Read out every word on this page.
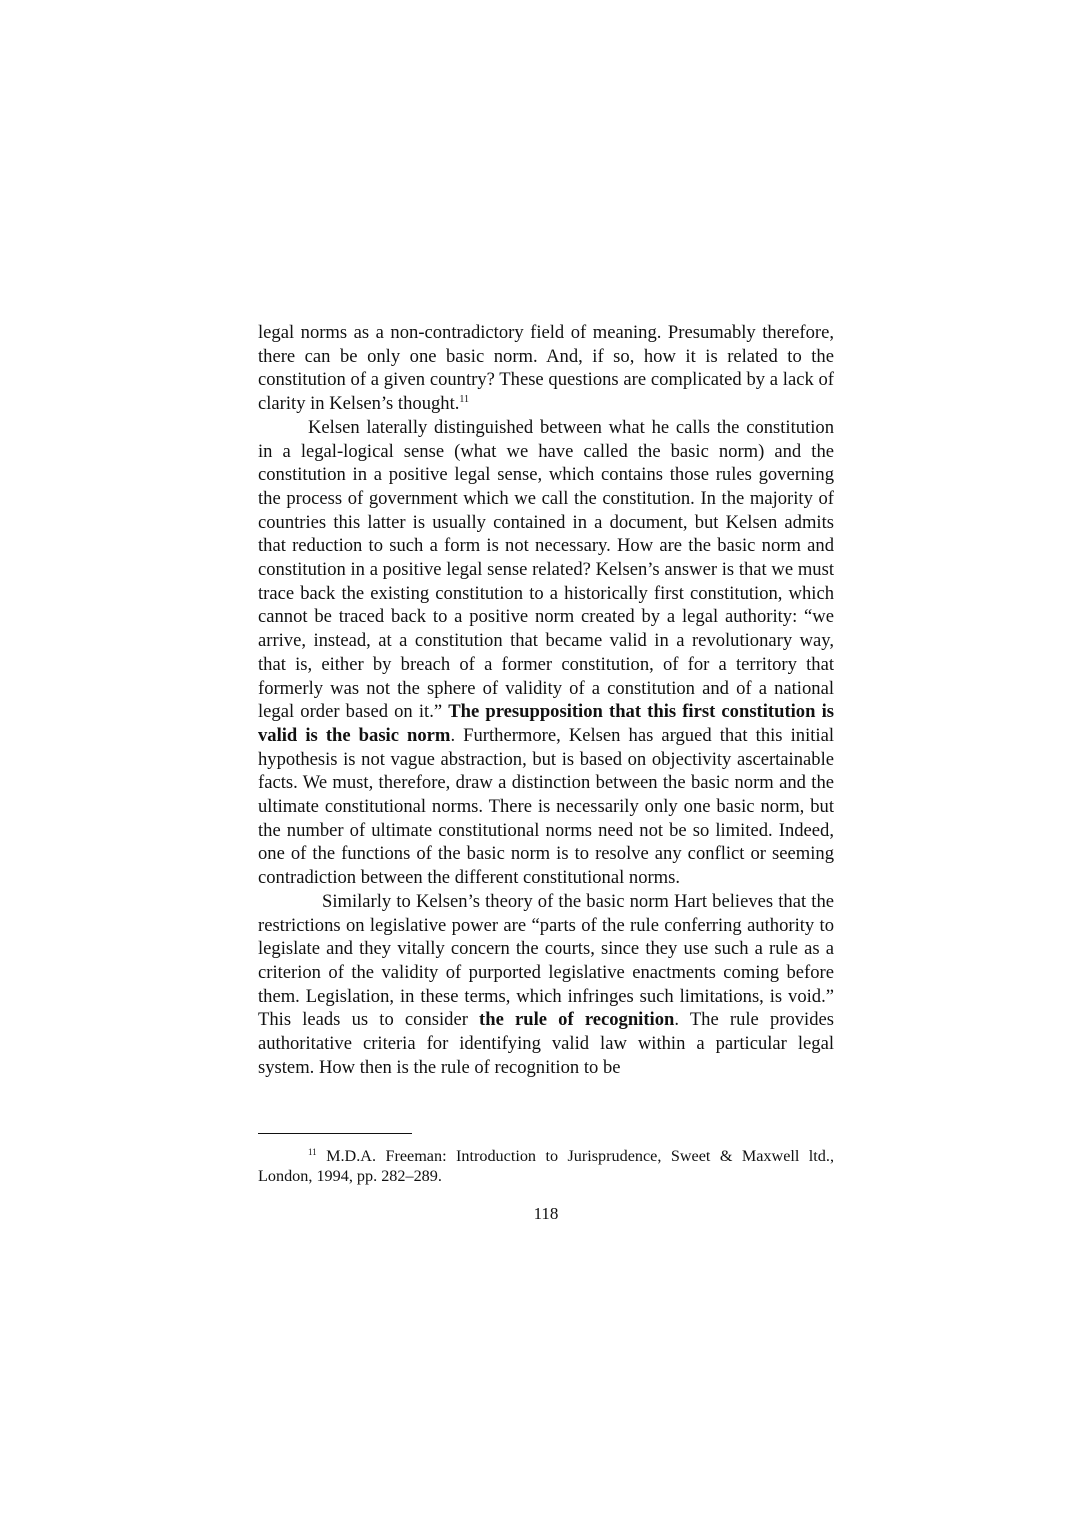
legal norms as a non-contradictory field of meaning. Presumably therefore, there can be only one basic norm. And, if so, how it is related to the constitution of a given country? These questions are complicated by a lack of clarity in Kelsen’s thought.$^{11}$

Kelsen laterally distinguished between what he calls the constitution in a legal-logical sense (what we have called the basic norm) and the constitution in a positive legal sense, which contains those rules governing the process of government which we call the constitution. In the majority of countries this latter is usually contained in a document, but Kelsen admits that reduction to such a form is not necessary. How are the basic norm and constitution in a positive legal sense related? Kelsen’s answer is that we must trace back the existing constitution to a historically first constitution, which cannot be traced back to a positive norm created by a legal authority: “we arrive, instead, at a constitution that became valid in a revolutionary way, that is, either by breach of a former constitution, of for a territory that formerly was not the sphere of validity of a constitution and of a national legal order based on it.” The presupposition that this first constitution is valid is the basic norm. Furthermore, Kelsen has argued that this initial hypothesis is not vague abstraction, but is based on objectivity ascertainable facts. We must, therefore, draw a distinction between the basic norm and the ultimate constitutional norms. There is necessarily only one basic norm, but the number of ultimate constitutional norms need not be so limited. Indeed, one of the functions of the basic norm is to resolve any conflict or seeming contradiction between the different constitutional norms.

Similarly to Kelsen’s theory of the basic norm Hart believes that the restrictions on legislative power are “parts of the rule conferring authority to legislate and they vitally concern the courts, since they use such a rule as a criterion of the validity of purported legislative enactments coming before them. Legislation, in these terms, which infringes such limitations, is void.” This leads us to consider the rule of recognition. The rule provides authoritative criteria for identifying valid law within a particular legal system. How then is the rule of recognition to be

$^{11}$ M.D.A. Freeman: Introduction to Jurisprudence, Sweet & Maxwell ltd., London, 1994, pp. 282–289.

118
